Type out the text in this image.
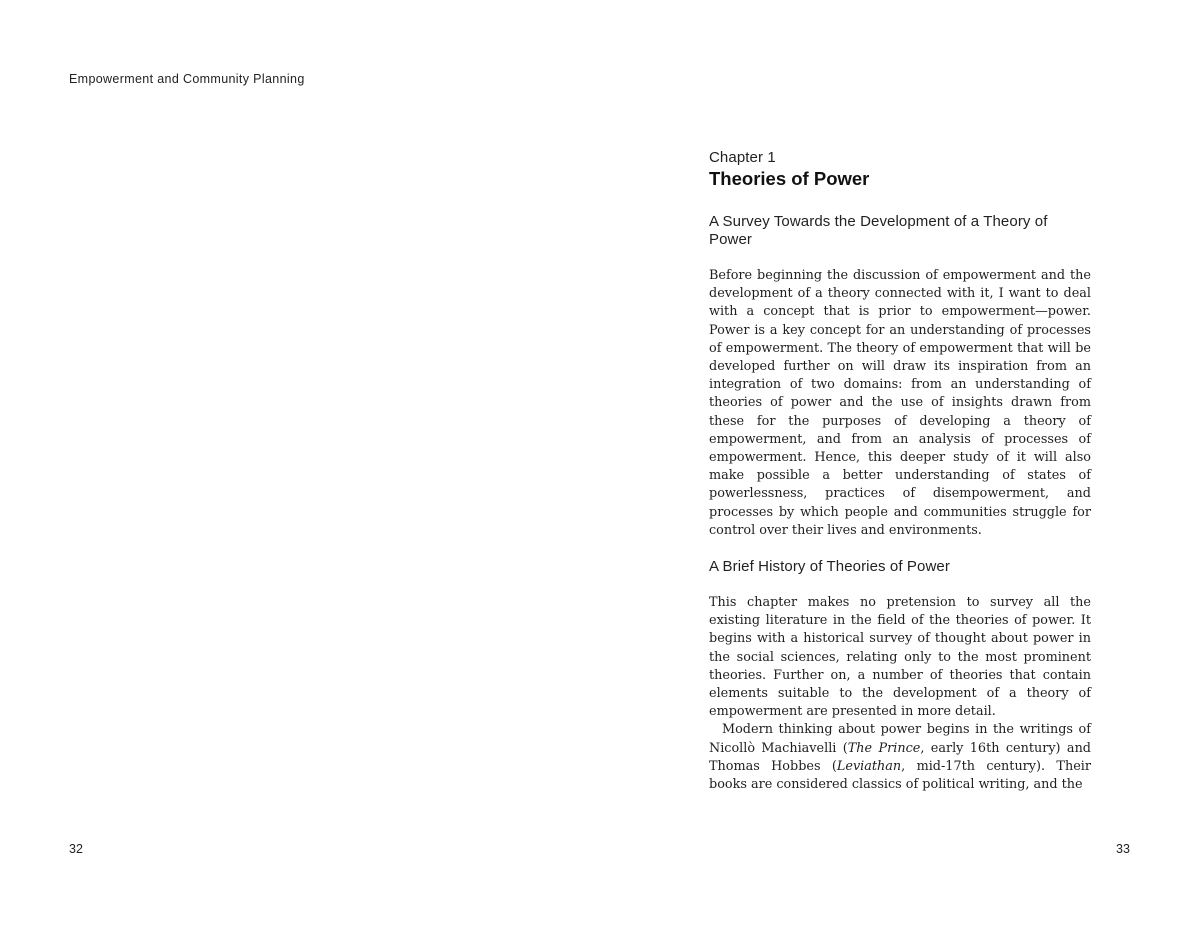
Empowerment and Community Planning
32
Chapter 1
Theories of Power
A Survey Towards the Development of a Theory of Power

Before beginning the discussion of empowerment and the development of a theory connected with it, I want to deal with a concept that is prior to empowerment—power. Power is a key concept for an understanding of processes of empowerment. The theory of empowerment that will be developed further on will draw its inspiration from an integration of two domains: from an understanding of theories of power and the use of insights drawn from these for the purposes of developing a theory of empowerment, and from an analysis of processes of empowerment. Hence, this deeper study of it will also make possible a better understanding of states of powerlessness, practices of disempowerment, and processes by which people and communities struggle for control over their lives and environments.

A Brief History of Theories of Power

This chapter makes no pretension to survey all the existing literature in the field of the theories of power. It begins with a historical survey of thought about power in the social sciences, relating only to the most prominent theories. Further on, a number of theories that contain elements suitable to the development of a theory of empowerment are presented in more detail.

Modern thinking about power begins in the writings of Nicollò Machiavelli (The Prince, early 16th century) and Thomas Hobbes (Leviathan, mid-17th century). Their books are considered classics of political writing, and the

33
